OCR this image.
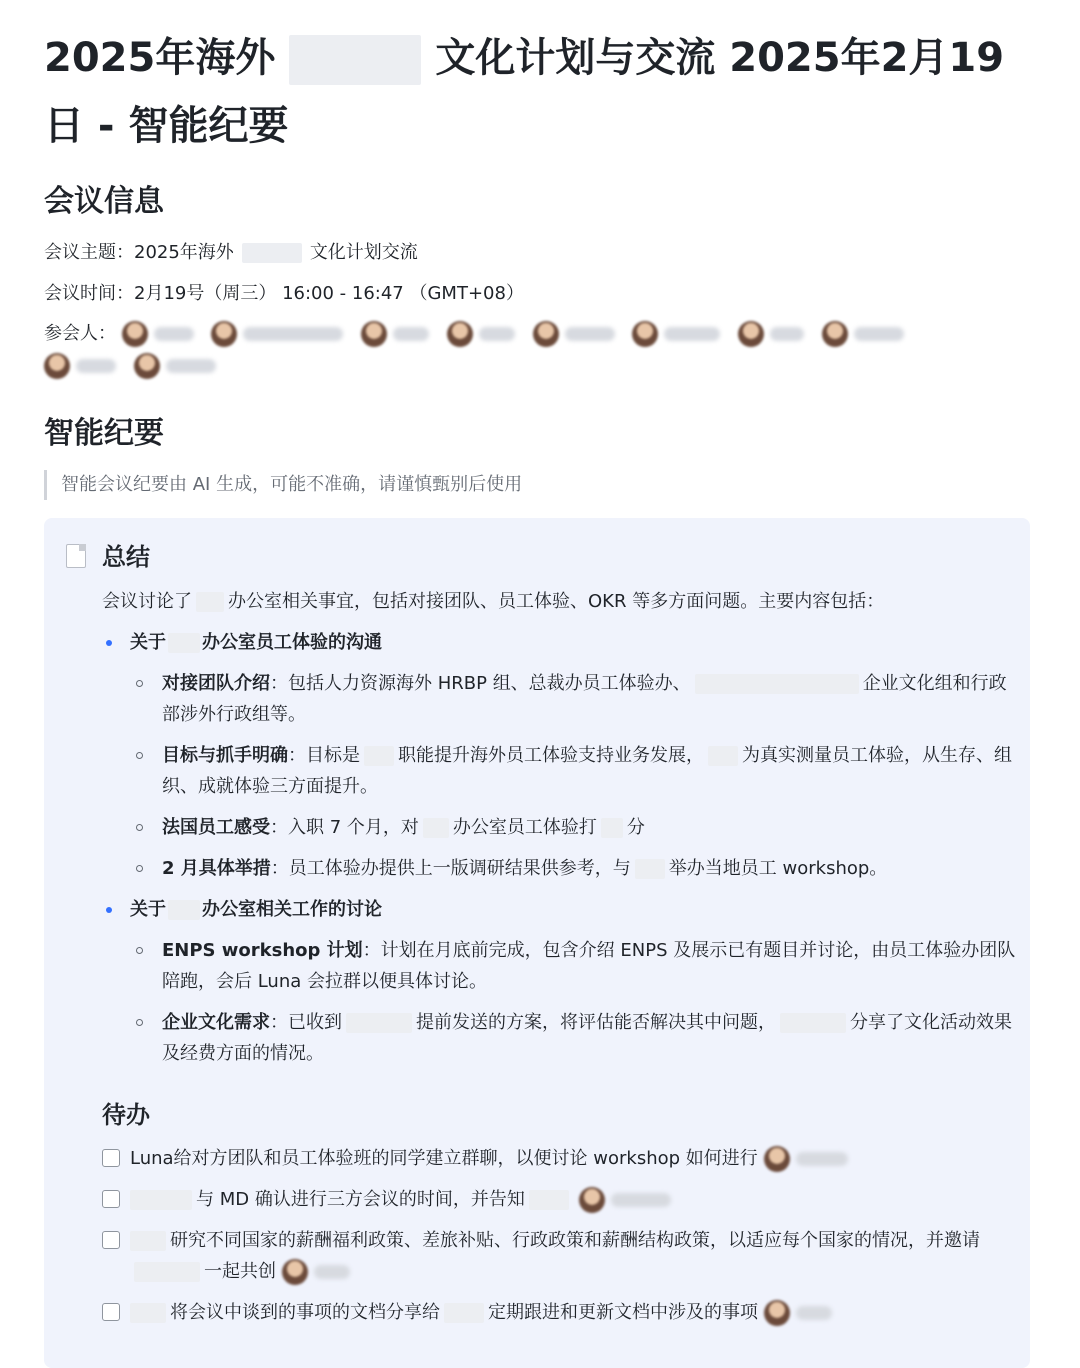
2025年海外	文化计划与交流 2025年2月19日 - 智能纪要
会议信息
会议主题：2025年海外	文化计划交流
会议时间：2月19号（周三） 16:00 - 16:47 （GMT+08）
参会人：

智能纪要
智能会议纪要由 AI 生成，可能不准确，请谨慎甄别后使用
总结
会议讨论了 办公室相关事宜，包括对接团队、员工体验、OKR 等多方面问题。主要内容包括：
关于 办公室员工体验的沟通
对接团队介绍：包括人力资源海外 HRBP 组、总裁办员工体验办、	企业文化组和行政部涉外行政组等。
目标与抓手明确：目标是 职能提升海外员工体验支持业务发展， 为真实测量员工体验，从生存、组织、成就体验三方面提升。
法国员工感受：入职 7 个月，对 办公室员工体验打 分
2 月具体举措：员工体验办提供上一版调研结果供参考，与 举办当地员工 workshop。
关于 办公室相关工作的讨论
ENPS workshop 计划：计划在月底前完成，包含介绍 ENPS 及展示已有题目并讨论，由员工体验办团队陪跑，会后 Luna 会拉群以便具体讨论。
企业文化需求：已收到	提前发送的方案，将评估能否解决其中问题，	分享了文化活动效果及经费方面的情况。
待办
Luna给对方团队和员工体验班的同学建立群聊，以便讨论 workshop 如何进行
与 MD 确认进行三方会议的时间，并告知
研究不同国家的薪酬福利政策、差旅补贴、行政政策和薪酬结构政策，以适应每个国家的情况，并邀请一起共创
将会议中谈到的事项的文档分享给	定期跟进和更新文档中涉及的事项
